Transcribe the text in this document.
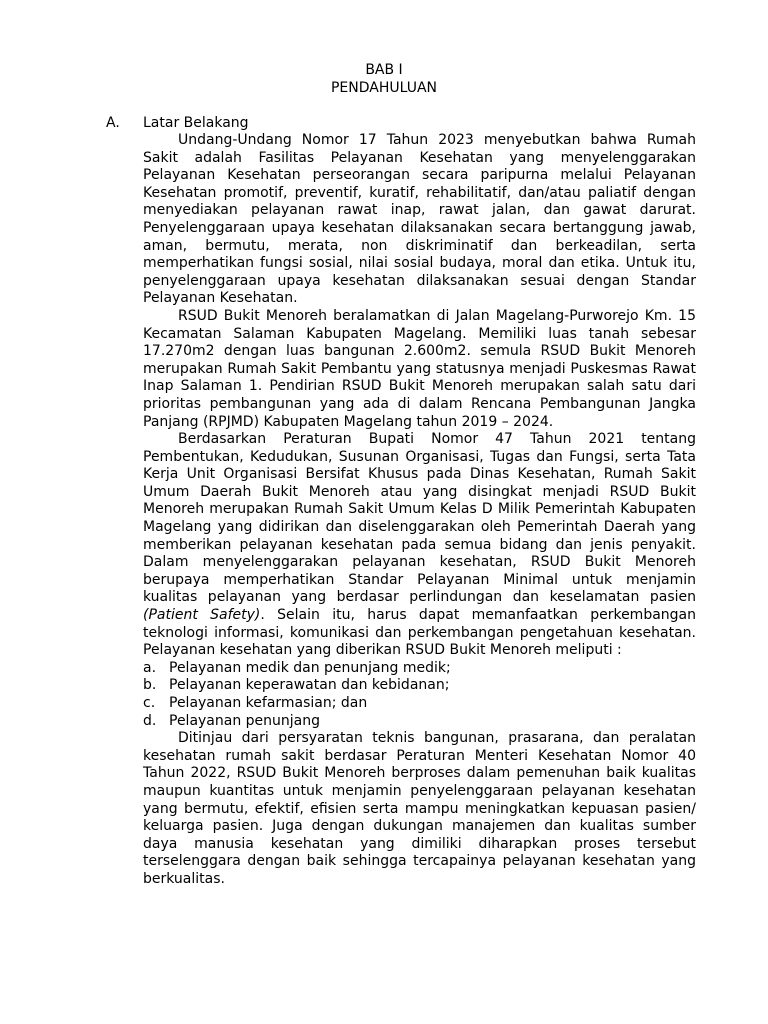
BAB I
PENDAHULUAN
A. Latar Belakang

Undang-Undang Nomor 17 Tahun 2023 menyebutkan bahwa Rumah Sakit adalah Fasilitas Pelayanan Kesehatan yang menyelenggarakan Pelayanan Kesehatan perseorangan secara paripurna melalui Pelayanan Kesehatan promotif, preventif, kuratif, rehabilitatif, dan/atau paliatif dengan menyediakan pelayanan rawat inap, rawat jalan, dan gawat darurat. Penyelenggaraan upaya kesehatan dilaksanakan secara bertanggung jawab, aman, bermutu, merata, non diskriminatif dan berkeadilan, serta memperhatikan fungsi sosial, nilai sosial budaya, moral dan etika. Untuk itu, penyelenggaraan upaya kesehatan dilaksanakan sesuai dengan Standar Pelayanan Kesehatan.

RSUD Bukit Menoreh beralamatkan di Jalan Magelang-Purworejo Km. 15 Kecamatan Salaman Kabupaten Magelang. Memiliki luas tanah sebesar 17.270m2 dengan luas bangunan 2.600m2. semula RSUD Bukit Menoreh merupakan Rumah Sakit Pembantu yang statusnya menjadi Puskesmas Rawat Inap Salaman 1. Pendirian RSUD Bukit Menoreh merupakan salah satu dari prioritas pembangunan yang ada di dalam Rencana Pembangunan Jangka Panjang (RPJMD) Kabupaten Magelang tahun 2019 – 2024.

Berdasarkan Peraturan Bupati Nomor 47 Tahun 2021 tentang Pembentukan, Kedudukan, Susunan Organisasi, Tugas dan Fungsi, serta Tata Kerja Unit Organisasi Bersifat Khusus pada Dinas Kesehatan, Rumah Sakit Umum Daerah Bukit Menoreh atau yang disingkat menjadi RSUD Bukit Menoreh merupakan Rumah Sakit Umum Kelas D Milik Pemerintah Kabupaten Magelang yang didirikan dan diselenggarakan oleh Pemerintah Daerah yang memberikan pelayanan kesehatan pada semua bidang dan jenis penyakit. Dalam menyelenggarakan pelayanan kesehatan, RSUD Bukit Menoreh berupaya memperhatikan Standar Pelayanan Minimal untuk menjamin kualitas pelayanan yang berdasar perlindungan dan keselamatan pasien (Patient Safety). Selain itu, harus dapat memanfaatkan perkembangan teknologi informasi, komunikasi dan perkembangan pengetahuan kesehatan. Pelayanan kesehatan yang diberikan RSUD Bukit Menoreh meliputi :

a. Pelayanan medik dan penunjang medik;
b. Pelayanan keperawatan dan kebidanan;
c. Pelayanan kefarmasian; dan
d. Pelayanan penunjang

Ditinjau dari persyaratan teknis bangunan, prasarana, dan peralatan kesehatan rumah sakit berdasar Peraturan Menteri Kesehatan Nomor 40 Tahun 2022, RSUD Bukit Menoreh berproses dalam pemenuhan baik kualitas maupun kuantitas untuk menjamin penyelenggaraan pelayanan kesehatan yang bermutu, efektif, efisien serta mampu meningkatkan kepuasan pasien/ keluarga pasien. Juga dengan dukungan manajemen dan kualitas sumber daya manusia kesehatan yang dimiliki diharapkan proses tersebut terselenggara dengan baik sehingga tercapainya pelayanan kesehatan yang berkualitas.
